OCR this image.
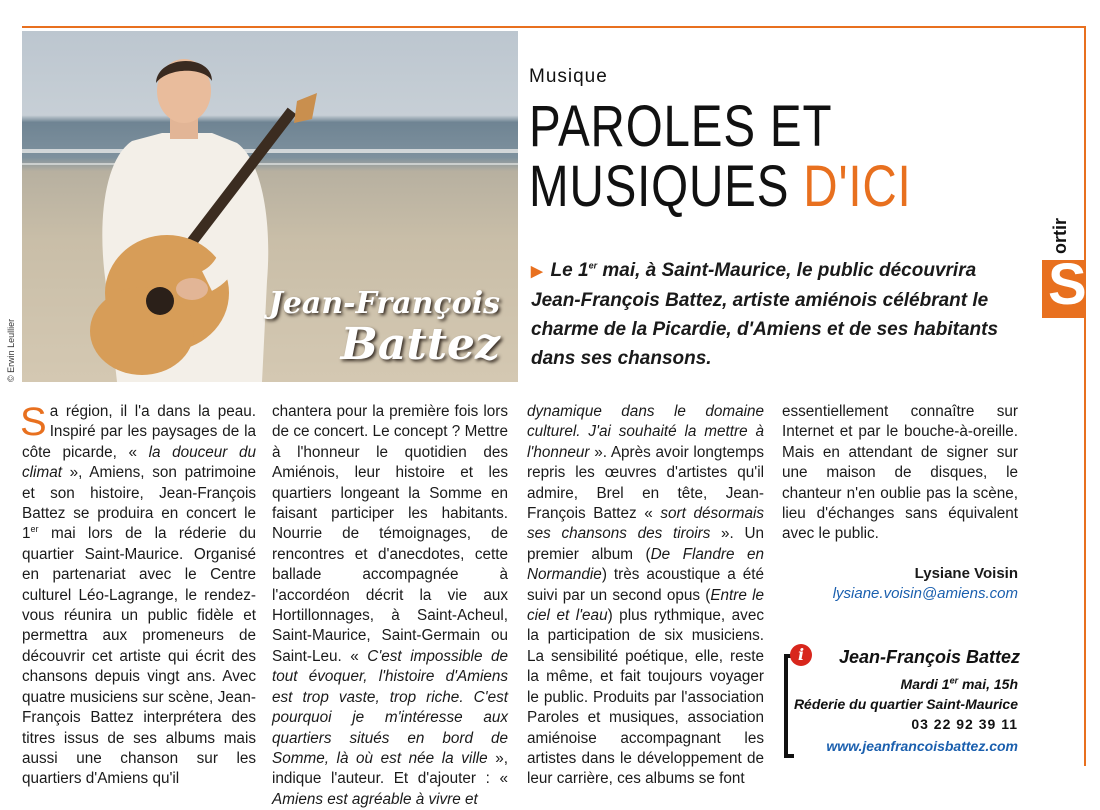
Jean-François
Battez
© Erwin Leullier
Musique
PAROLES ET
MUSIQUES D'ICI

▶ Le 1er mai, à Saint-Maurice, le public découvrira Jean-François Battez, artiste amiénois célébrant le charme de la Picardie, d'Amiens et de ses habitants dans ses chansons.

S
ortir
Sa région, il l'a dans la peau. Inspiré par les paysages de la côte picarde, « la douceur du climat », Amiens, son patrimoine et son histoire, Jean-François Battez se produira en concert le 1er mai lors de la réderie du quartier Saint-Maurice. Organisé en partenariat avec le Centre culturel Léo-Lagrange, le rendez-vous réunira un public fidèle et permettra aux promeneurs de découvrir cet artiste qui écrit des chansons depuis vingt ans. Avec quatre musiciens sur scène, Jean-François Battez interprétera des titres issus de ses albums mais aussi une chanson sur les quartiers d'Amiens qu'il
chantera pour la première fois lors de ce concert. Le concept ? Mettre à l'honneur le quotidien des Amiénois, leur histoire et les quartiers longeant la Somme en faisant participer les habitants. Nourrie de témoignages, de rencontres et d'anecdotes, cette ballade accompagnée à l'accordéon décrit la vie aux Hortillonnages, à Saint-Acheul, Saint-Maurice, Saint-Germain ou Saint-Leu. « C'est impossible de tout évoquer, l'histoire d'Amiens est trop vaste, trop riche. C'est pourquoi je m'intéresse aux quartiers situés en bord de Somme, là où est née la ville », indique l'auteur. Et d'ajouter : « Amiens est agréable à vivre et
dynamique dans le domaine culturel. J'ai souhaité la mettre à l'honneur ». Après avoir longtemps repris les œuvres d'artistes qu'il admire, Brel en tête, Jean-François Battez « sort désormais ses chansons des tiroirs ». Un premier album (De Flandre en Normandie) très acoustique a été suivi par un second opus (Entre le ciel et l'eau) plus rythmique, avec la participation de six musiciens. La sensibilité poétique, elle, reste la même, et fait toujours voyager le public. Produits par l'association Paroles et musiques, association amiénoise accompagnant les artistes dans le développement de leur carrière, ces albums se font
essentiellement connaître sur Internet et par le bouche-à-oreille. Mais en attendant de signer sur une maison de disques, le chanteur n'en oublie pas la scène, lieu d'échanges sans équivalent avec le public.
Lysiane Voisin
lysiane.voisin@amiens.com
i	Jean-François Battez
Mardi 1er mai, 15h
Réderie du quartier Saint-Maurice
03 22 92 39 11
www.jeanfrancoisbattez.com
